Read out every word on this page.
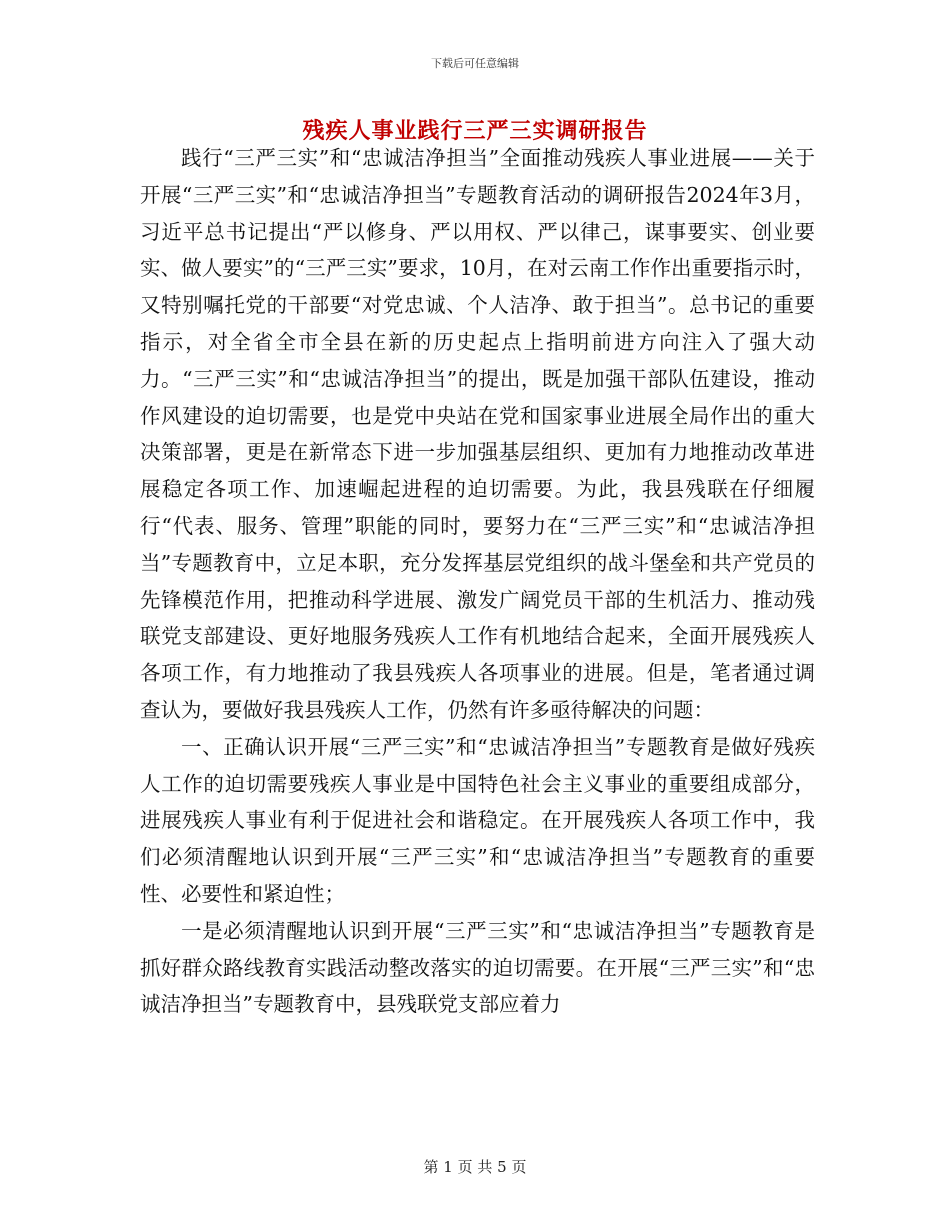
下载后可任意编辑
残疾人事业践行三严三实调研报告

践行“三严三实”和“忠诚洁净担当”全面推动残疾人事业进展——关于开展“三严三实”和“忠诚洁净担当”专题教育活动的调研报告2024年3月，习近平总书记提出“严以修身、严以用权、严以律己，谋事要实、创业要实、做人要实”的“三严三实”要求，10月，在对云南工作作出重要指示时，又特别嘱托党的干部要“对党忠诚、个人洁净、敢于担当”。总书记的重要指示，对全省全市全县在新的历史起点上指明前进方向注入了强大动力。“三严三实”和“忠诚洁净担当”的提出，既是加强干部队伍建设，推动作风建设的迫切需要，也是党中央站在党和国家事业进展全局作出的重大决策部署，更是在新常态下进一步加强基层组织、更加有力地推动改革进展稳定各项工作、加速崛起进程的迫切需要。为此，我县残联在仔细履行“代表、服务、管理”职能的同时，要努力在“三严三实”和“忠诚洁净担当”专题教育中，立足本职，充分发挥基层党组织的战斗堡垒和共产党员的先锋模范作用，把推动科学进展、激发广阔党员干部的生机活力、推动残联党支部建设、更好地服务残疾人工作有机地结合起来，全面开展残疾人各项工作，有力地推动了我县残疾人各项事业的进展。但是，笔者通过调查认为，要做好我县残疾人工作，仍然有许多亟待解决的问题：

一、正确认识开展“三严三实”和“忠诚洁净担当”专题教育是做好残疾人工作的迫切需要残疾人事业是中国特色社会主义事业的重要组成部分，进展残疾人事业有利于促进社会和谐稳定。在开展残疾人各项工作中，我们必须清醒地认识到开展“三严三实”和“忠诚洁净担当”专题教育的重要性、必要性和紧迫性；

一是必须清醒地认识到开展“三严三实”和“忠诚洁净担当”专题教育是抓好群众路线教育实践活动整改落实的迫切需要。在开展“三严三实”和“忠诚洁净担当”专题教育中，县残联党支部应着力

第 1 页 共 5 页
